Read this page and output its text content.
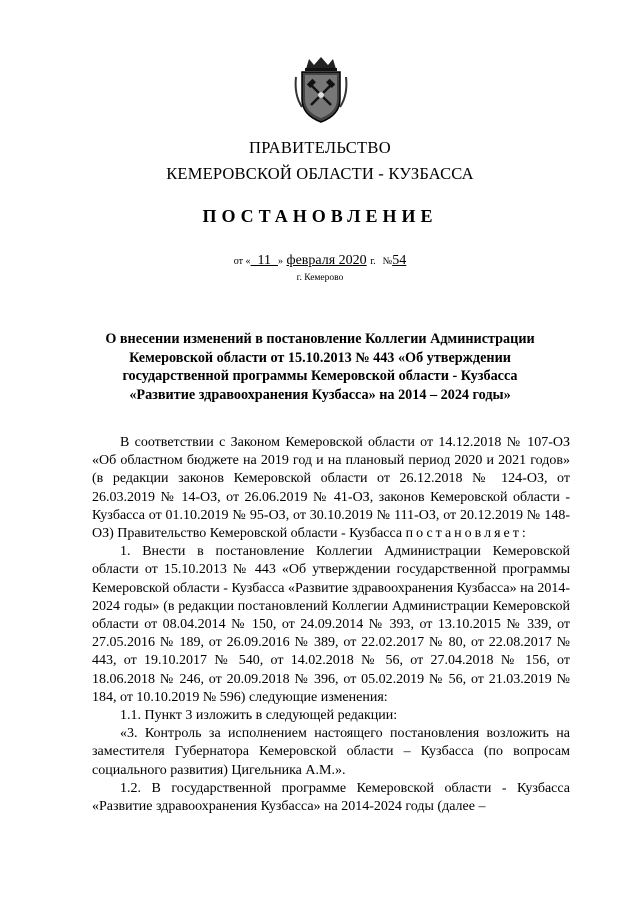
ПРАВИТЕЛЬСТВО
КЕМЕРОВСКОЙ ОБЛАСТИ - КУЗБАССА
ПОСТАНОВЛЕНИЕ
от « 11 » февраля 2020 г. №54
г. Кемерово
О внесении изменений в постановление Коллегии Администрации
Кемеровской области от 15.10.2013 № 443 «Об утверждении
государственной программы Кемеровской области - Кузбасса
«Развитие здравоохранения Кузбасса» на 2014 – 2024 годы»

В соответствии с Законом Кемеровской области от 14.12.2018 № 107-ОЗ «Об областном бюджете на 2019 год и на плановый период 2020 и 2021 годов» (в редакции законов Кемеровской области от 26.12.2018 № 124-ОЗ, от 26.03.2019 № 14-ОЗ, от 26.06.2019 № 41-ОЗ, законов Кемеровской области - Кузбасса от 01.10.2019 № 95-ОЗ, от 30.10.2019 № 111-ОЗ, от 20.12.2019 № 148-ОЗ) Правительство Кемеровской области - Кузбасса постановляет:

1. Внести в постановление Коллегии Администрации Кемеровской области от 15.10.2013 № 443 «Об утверждении государственной программы Кемеровской области - Кузбасса «Развитие здравоохранения Кузбасса» на 2014-2024 годы» (в редакции постановлений Коллегии Администрации Кемеровской области от 08.04.2014 № 150, от 24.09.2014 № 393, от 13.10.2015 № 339, от 27.05.2016 № 189, от 26.09.2016 № 389, от 22.02.2017 № 80, от 22.08.2017 № 443, от 19.10.2017 № 540, от 14.02.2018 № 56, от 27.04.2018 № 156, от 18.06.2018 № 246, от 20.09.2018 № 396, от 05.02.2019 № 56, от 21.03.2019 № 184, от 10.10.2019 № 596) следующие изменения:

1.1. Пункт 3 изложить в следующей редакции:

«3. Контроль за исполнением настоящего постановления возложить на заместителя Губернатора Кемеровской области – Кузбасса (по вопросам социального развития) Цигельника А.М.».

1.2. В государственной программе Кемеровской области - Кузбасса «Развитие здравоохранения Кузбасса» на 2014-2024 годы (далее –
